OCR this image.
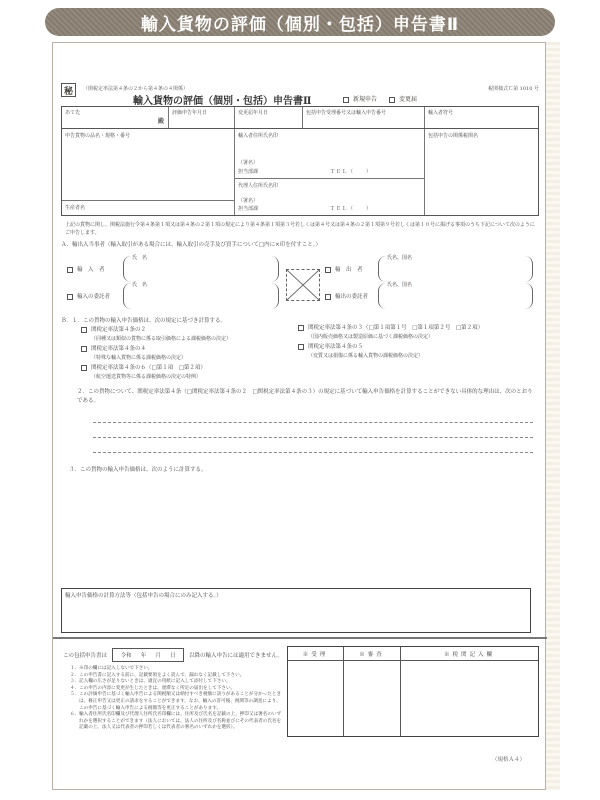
輸入貨物の評価（個別・包括）申告書Ⅱ
秘	（関税定率法第４条の２から第４条の４関係）	税関様式Ｃ第 1010 号
輸入貨物の評価（個別・包括）申告書Ⅱ	新規申告	変更届
あて先
殿
評価申告年月日	変更届年月日	包括申告受理番号又は輸入申告番号	輸入者符号
申告貨物の品名・規格・番号
生産者名
輸入者住所氏名印
（署名）
担当部課	ＴＥＬ（　　）
代理人住所氏名印
（署名）
担当部課	ＴＥＬ（　　）
包括申告の関係税関名
上記の貨物に関し、関税法施行令第４条第１項又は第４条の２第１項の規定により第４条第１項第３号若しくは第４号又は第４条の２第１項第９号若しくは第１０号に掲げる事項のうち下記について次のようにご申告します。
Ａ．輸出入当事者（輸入取引がある場合には、輸入取引の売手及び買手について□内に×印を付すこと。）
輸　入　者
氏　名
輸入の委託者
氏　名
輸　出　者
氏名、国名
輸出の委託者
氏名、国名
Ｂ．１．この貨物の輸入申告価格は、次の規定に基づき計算する。
関税定率法第４条の２
（同種又は類似の貨物に係る取引価格による課税価格の決定）
関税定率法第４条の４
（特殊な輸入貨物に係る課税価格の決定）
関税定率法第４条の６（□第１項　□第２項）
（航空運送貨物等に係る課税価格の決定の特例）
関税定率法第４条の３（□第１項第１号　□第１項第２号　□第２項）
（国内販売価格又は製造原価に基づく課税価格の決定）
関税定率法第４条の５
（変質又は損傷に係る輸入貨物の課税価格の決定）
２．この貨物について、関税定率法第４条（□関税定率法第４条の２　□関税定率法第４条の３）の規定に基づいて輸入申告価格を計算することができない具体的な理由は、次のとおりである。
３．この貨物の輸入申告価格は、次のように計算する。
輸入申告価格の計算方法等（包括申告の場合にのみ記入する。）
この包括申告書は 令和 年 月 日 以降の輸入申告には適用できません。
１. ※印の欄には記入しないで下さい。
２. この申告書に記入する前に、記載要領をよく読んで、漏れなく記載して下さい。
３. 記入欄の広さが足りないときは、適宜の用紙に記入して添付して下さい。
４. この申告の内容に変更が生じたときは、遅滞なく所定の届出をして下さい。
５. この評価申告に基づく輸入申告による関税額又は納付すべき税額に誤りがあることが分かったときは、修正申告又は更正の請求をすることができます。なお、輸入の許可後、税関等の調査により、この申告に基づく輸入申告による税額等を更正することがあります。
６. 輸入者住所氏名印欄及び代理人住所氏名印欄には、住所及び氏名を記載の上、押印又は署名のいずれかを選択することができます（法人においては、法人の住所及び名称並びにその代表者の氏名を記載の上、法人又は代表者の押印若しくは代表者の署名のいずれかを選択）。
※受理	※審査	※税関記入欄
（規格Ａ４）
